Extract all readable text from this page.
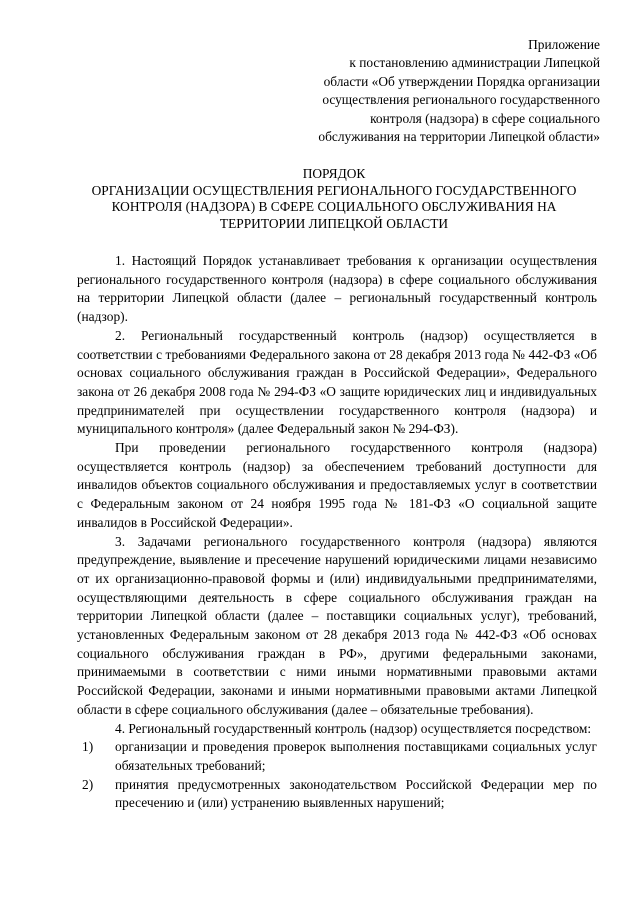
Приложение
к постановлению администрации Липецкой
области «Об утверждении Порядка организации
осуществления регионального государственного
контроля (надзора) в сфере социального
обслуживания на территории Липецкой области»
ПОРЯДОК
ОРГАНИЗАЦИИ ОСУЩЕСТВЛЕНИЯ РЕГИОНАЛЬНОГО ГОСУДАРСТВЕННОГО
КОНТРОЛЯ (НАДЗОРА) В СФЕРЕ СОЦИАЛЬНОГО ОБСЛУЖИВАНИЯ НА
ТЕРРИТОРИИ ЛИПЕЦКОЙ ОБЛАСТИ

1. Настоящий Порядок устанавливает требования к организации осуществления регионального государственного контроля (надзора) в сфере социального обслуживания на территории Липецкой области (далее – региональный государственный контроль (надзор).

2. Региональный государственный контроль (надзор) осуществляется в соответствии с требованиями Федерального закона от 28 декабря 2013 года № 442-ФЗ «Об основах социального обслуживания граждан в Российской Федерации», Федерального закона от 26 декабря 2008 года № 294-ФЗ «О защите юридических лиц и индивидуальных предпринимателей при осуществлении государственного контроля (надзора) и муниципального контроля» (далее Федеральный закон № 294-ФЗ).

При проведении регионального государственного контроля (надзора) осуществляется контроль (надзор) за обеспечением требований доступности для инвалидов объектов социального обслуживания и предоставляемых услуг в соответствии с Федеральным законом от 24 ноября 1995 года № 181-ФЗ «О социальной защите инвалидов в Российской Федерации».

3. Задачами регионального государственного контроля (надзора) являются предупреждение, выявление и пресечение нарушений юридическими лицами независимо от их организационно-правовой формы и (или) индивидуальными предпринимателями, осуществляющими деятельность в сфере социального обслуживания граждан на территории Липецкой области (далее – поставщики социальных услуг), требований, установленных Федеральным законом от 28 декабря 2013 года № 442-ФЗ «Об основах социального обслуживания граждан в РФ», другими федеральными законами, принимаемыми в соответствии с ними иными нормативными правовыми актами Российской Федерации, законами и иными нормативными правовыми актами Липецкой области в сфере социального обслуживания (далее – обязательные требования).

4. Региональный государственный контроль (надзор) осуществляется посредством:

1) организации и проведения проверок выполнения поставщиками социальных услуг обязательных требований;
2) принятия предусмотренных законодательством Российской Федерации мер по пресечению и (или) устранению выявленных нарушений;
